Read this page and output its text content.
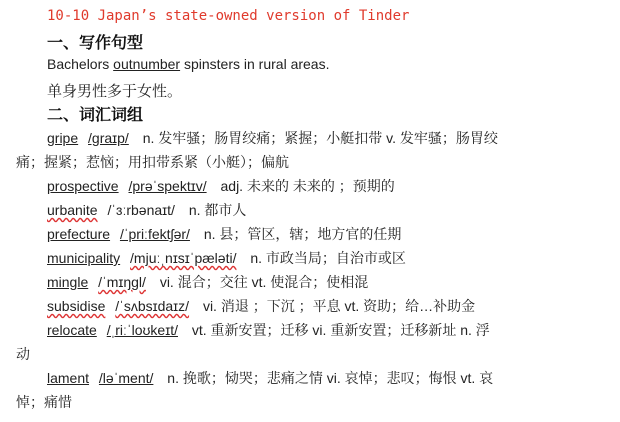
10-10 Japan’s state-owned version of Tinder
一、写作句型
Bachelors outnumber spinsters in rural areas.
单身男性多于女性。
二、词汇词组
gripe /ɡraɪp/ n. 发牢骚；肠胃绞痛；紧握；小艇扣带 v. 发牢骚；肠胃绞
痛；握紧；惹恼；用扣带系紧（小艇）；偏航
prospective /prəˈspektɪv/ adj. 未来的 未来的 ；预期的
urbanite /ˈɜːrbənaɪt/ n. 都市人
prefecture /ˈpriːfektʃər/ n. 县；管区，辖；地方官的任期
municipality /mjuːˌnɪsɪˈpæləti/ n. 市政当局；自治市或区
mingle /ˈmɪŋɡl/ vi. 混合；交往 vt. 使混合；使相混
subsidise /ˈsʌbsɪdaɪz/ vi. 消退 ；下沉 ；平息 vt. 资助；给…补助金
relocate /ˌriːˈloʊkeɪt/ vt. 重新安置；迁移 vi. 重新安置；迁移新址 n. 浮
动
lament /ləˈment/ n. 挽歌；恸哭；悲痛之情 vi. 哀悼；悲叹；悔恨 vt. 哀
悼；痛惜
